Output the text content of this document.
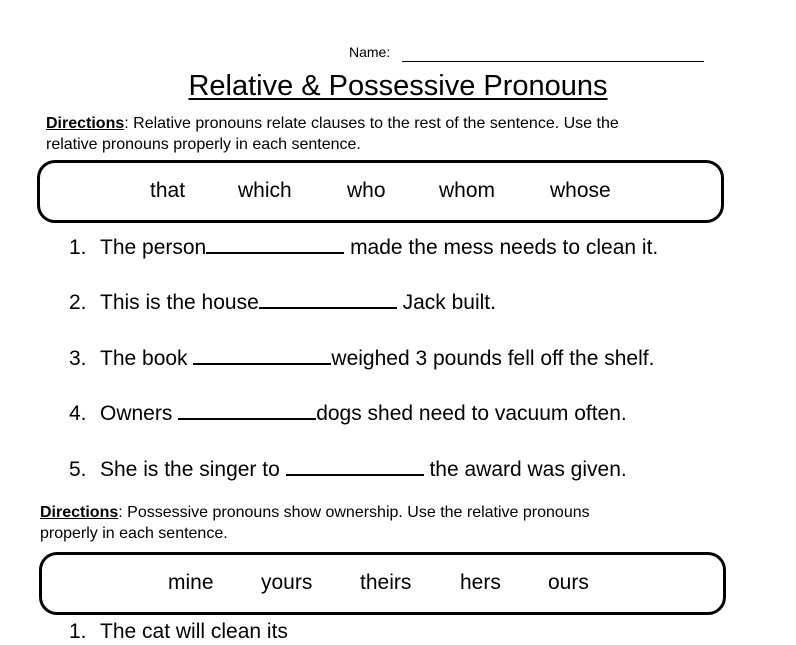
Name:
Relative & Possessive Pronouns
Directions: Relative pronouns relate clauses to the rest of the sentence. Use the
relative pronouns properly in each sentence.
that	which	who	whom	whose
1. The person	made the mess needs to clean it.
2. This is the house	Jack built.
3. The book	weighed 3 pounds fell off the shelf.
4. Owners	dogs shed need to vacuum often.
5. She is the singer to	the award was given.
Directions: Possessive pronouns show ownership. Use the relative pronouns
properly in each sentence.
mine yours theirs hers ours
1. The cat will clean its
